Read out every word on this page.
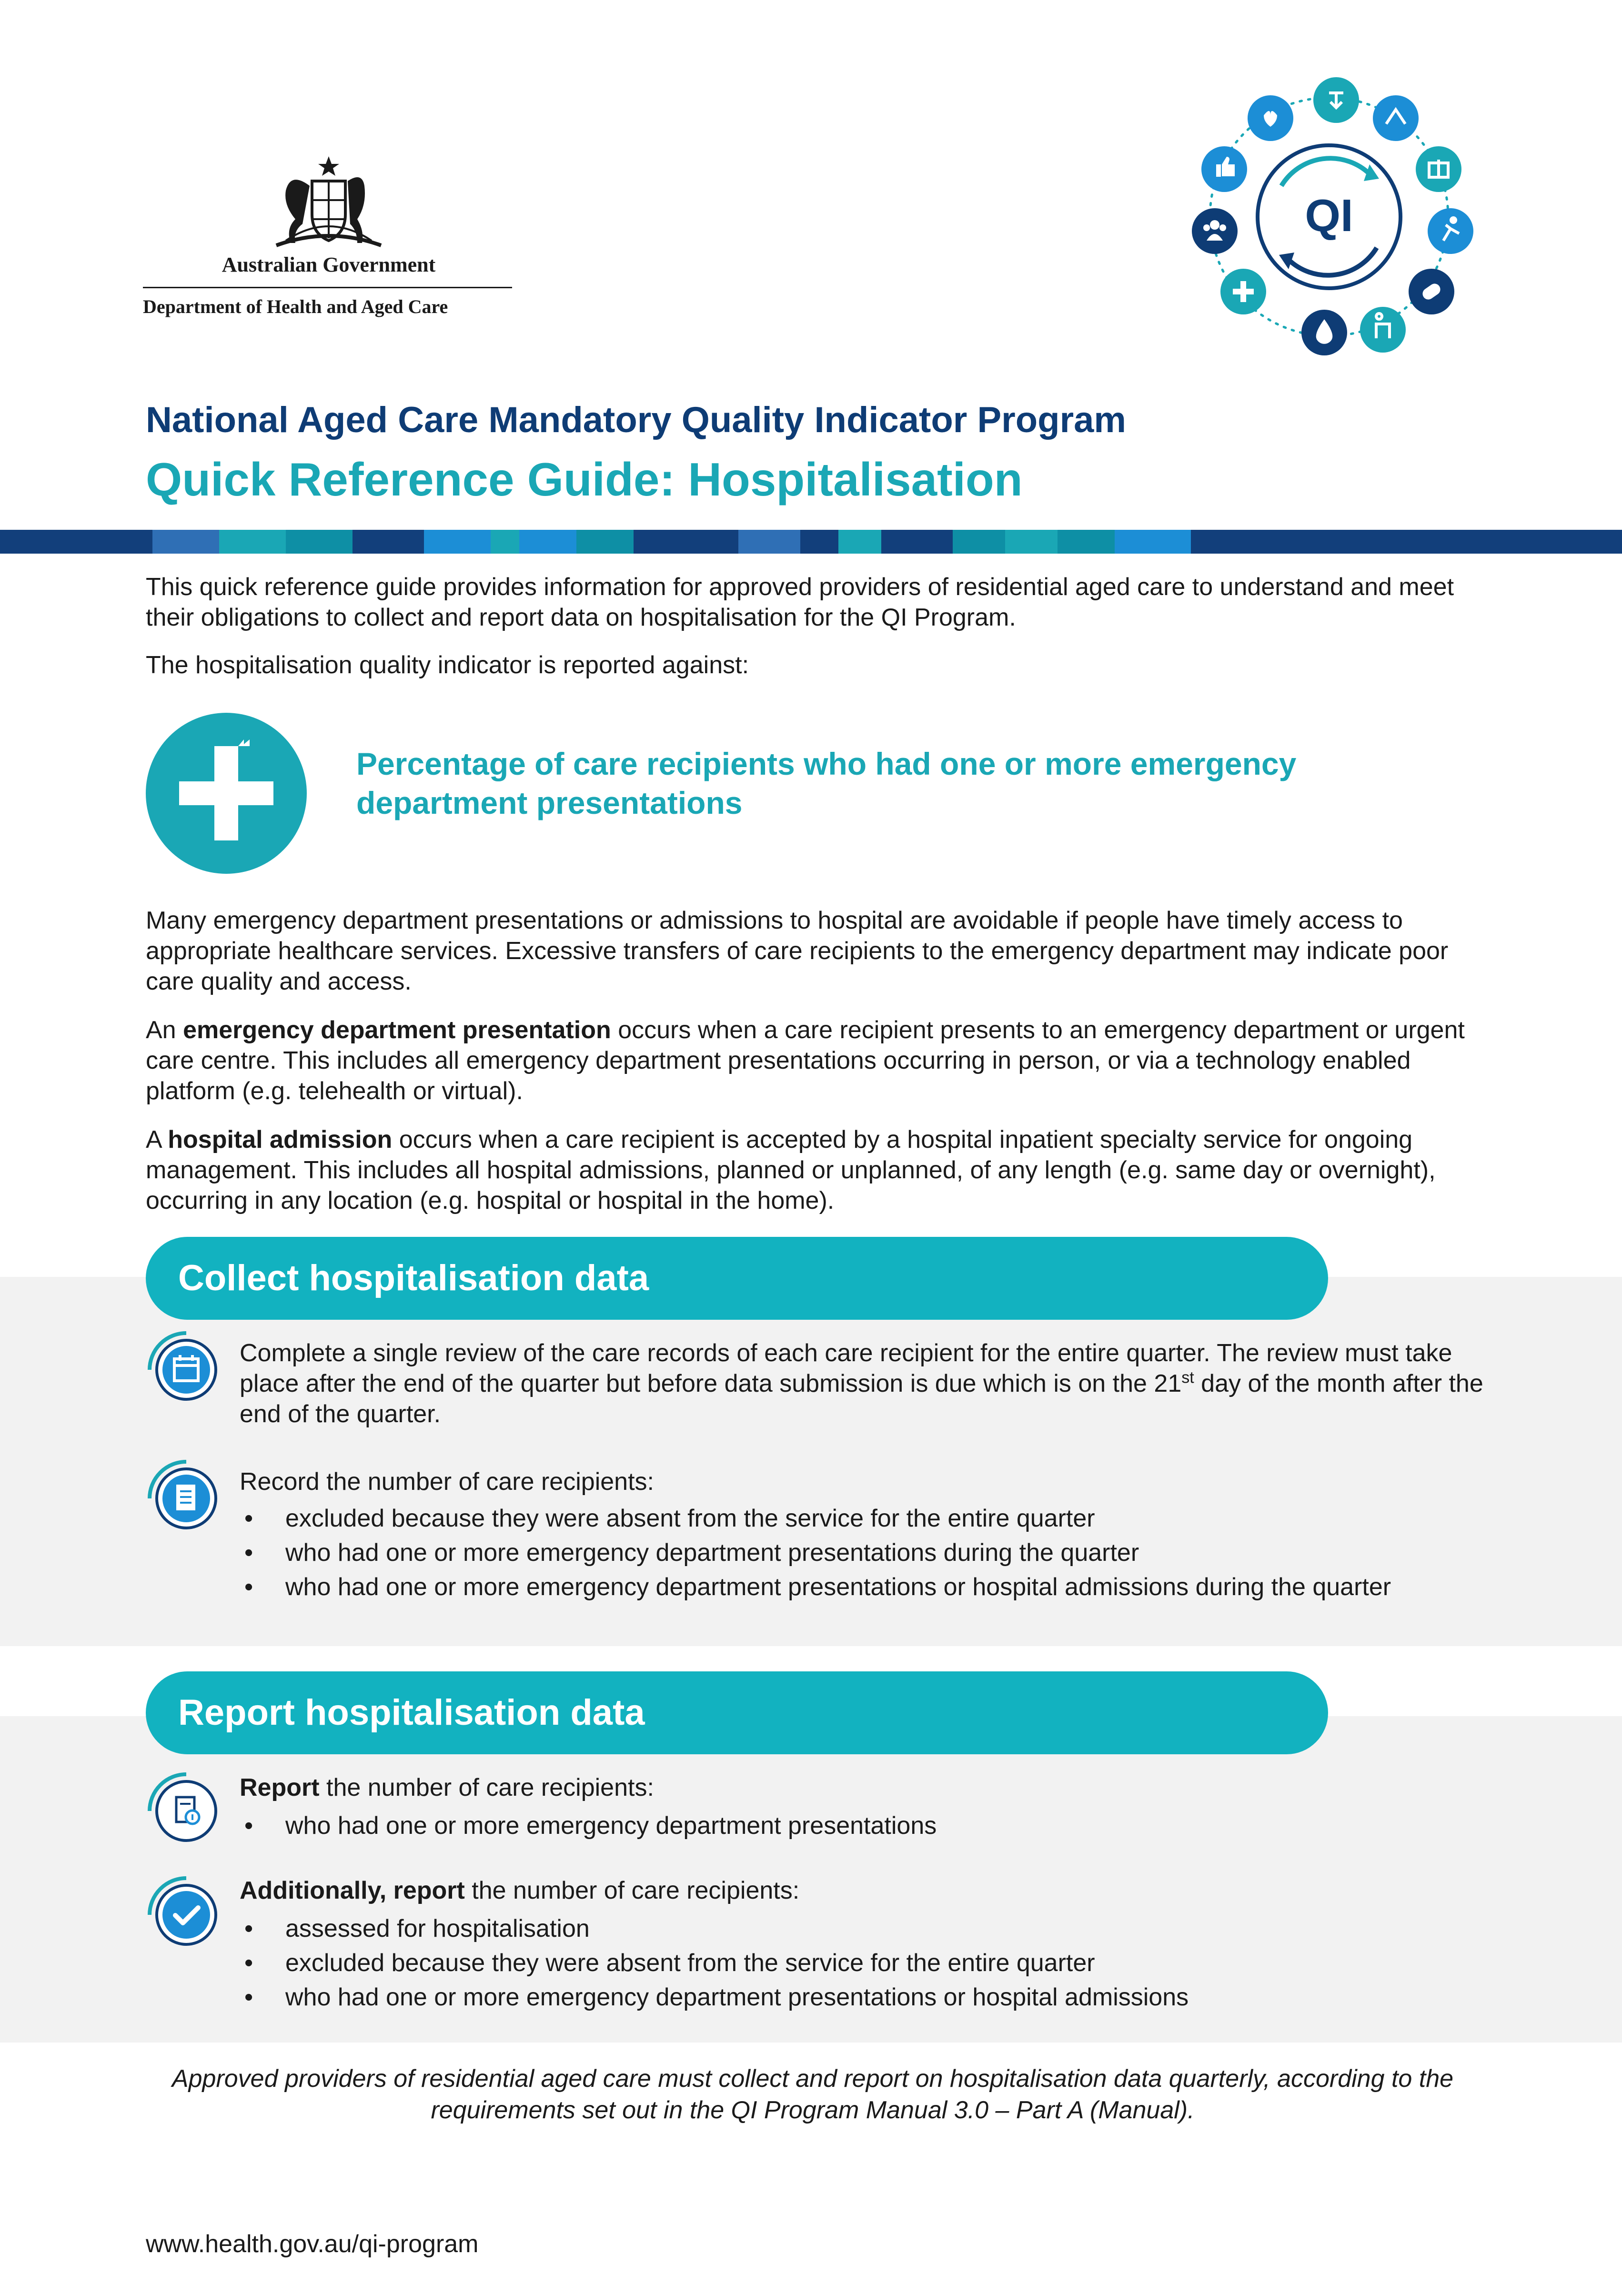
Australian Government
Department of Health and Aged Care
QI
National Aged Care Mandatory Quality Indicator Program
Quick Reference Guide: Hospitalisation
This quick reference guide provides information for approved providers of residential aged care to understand and meet their obligations to collect and report data on hospitalisation for the QI Program.
The hospitalisation quality indicator is reported against:
Percentage of care recipients who had one or more emergency department presentations
Many emergency department presentations or admissions to hospital are avoidable if people have timely access to appropriate healthcare services. Excessive transfers of care recipients to the emergency department may indicate poor care quality and access.
An emergency department presentation occurs when a care recipient presents to an emergency department or urgent care centre. This includes all emergency department presentations occurring in person, or via a technology enabled platform (e.g. telehealth or virtual).
A hospital admission occurs when a care recipient is accepted by a hospital inpatient specialty service for ongoing management. This includes all hospital admissions, planned or unplanned, of any length (e.g. same day or overnight), occurring in any location (e.g. hospital or hospital in the home).
Collect hospitalisation data
Complete a single review of the care records of each care recipient for the entire quarter. The review must take place after the end of the quarter but before data submission is due which is on the 21st day of the month after the end of the quarter.
Record the number of care recipients:
• excluded because they were absent from the service for the entire quarter
• who had one or more emergency department presentations during the quarter
• who had one or more emergency department presentations or hospital admissions during the quarter
Report hospitalisation data
Report the number of care recipients:
• who had one or more emergency department presentations
Additionally, report the number of care recipients:
• assessed for hospitalisation
• excluded because they were absent from the service for the entire quarter
• who had one or more emergency department presentations or hospital admissions
Approved providers of residential aged care must collect and report on hospitalisation data quarterly, according to the requirements set out in the QI Program Manual 3.0 – Part A (Manual).
www.health.gov.au/qi-program
